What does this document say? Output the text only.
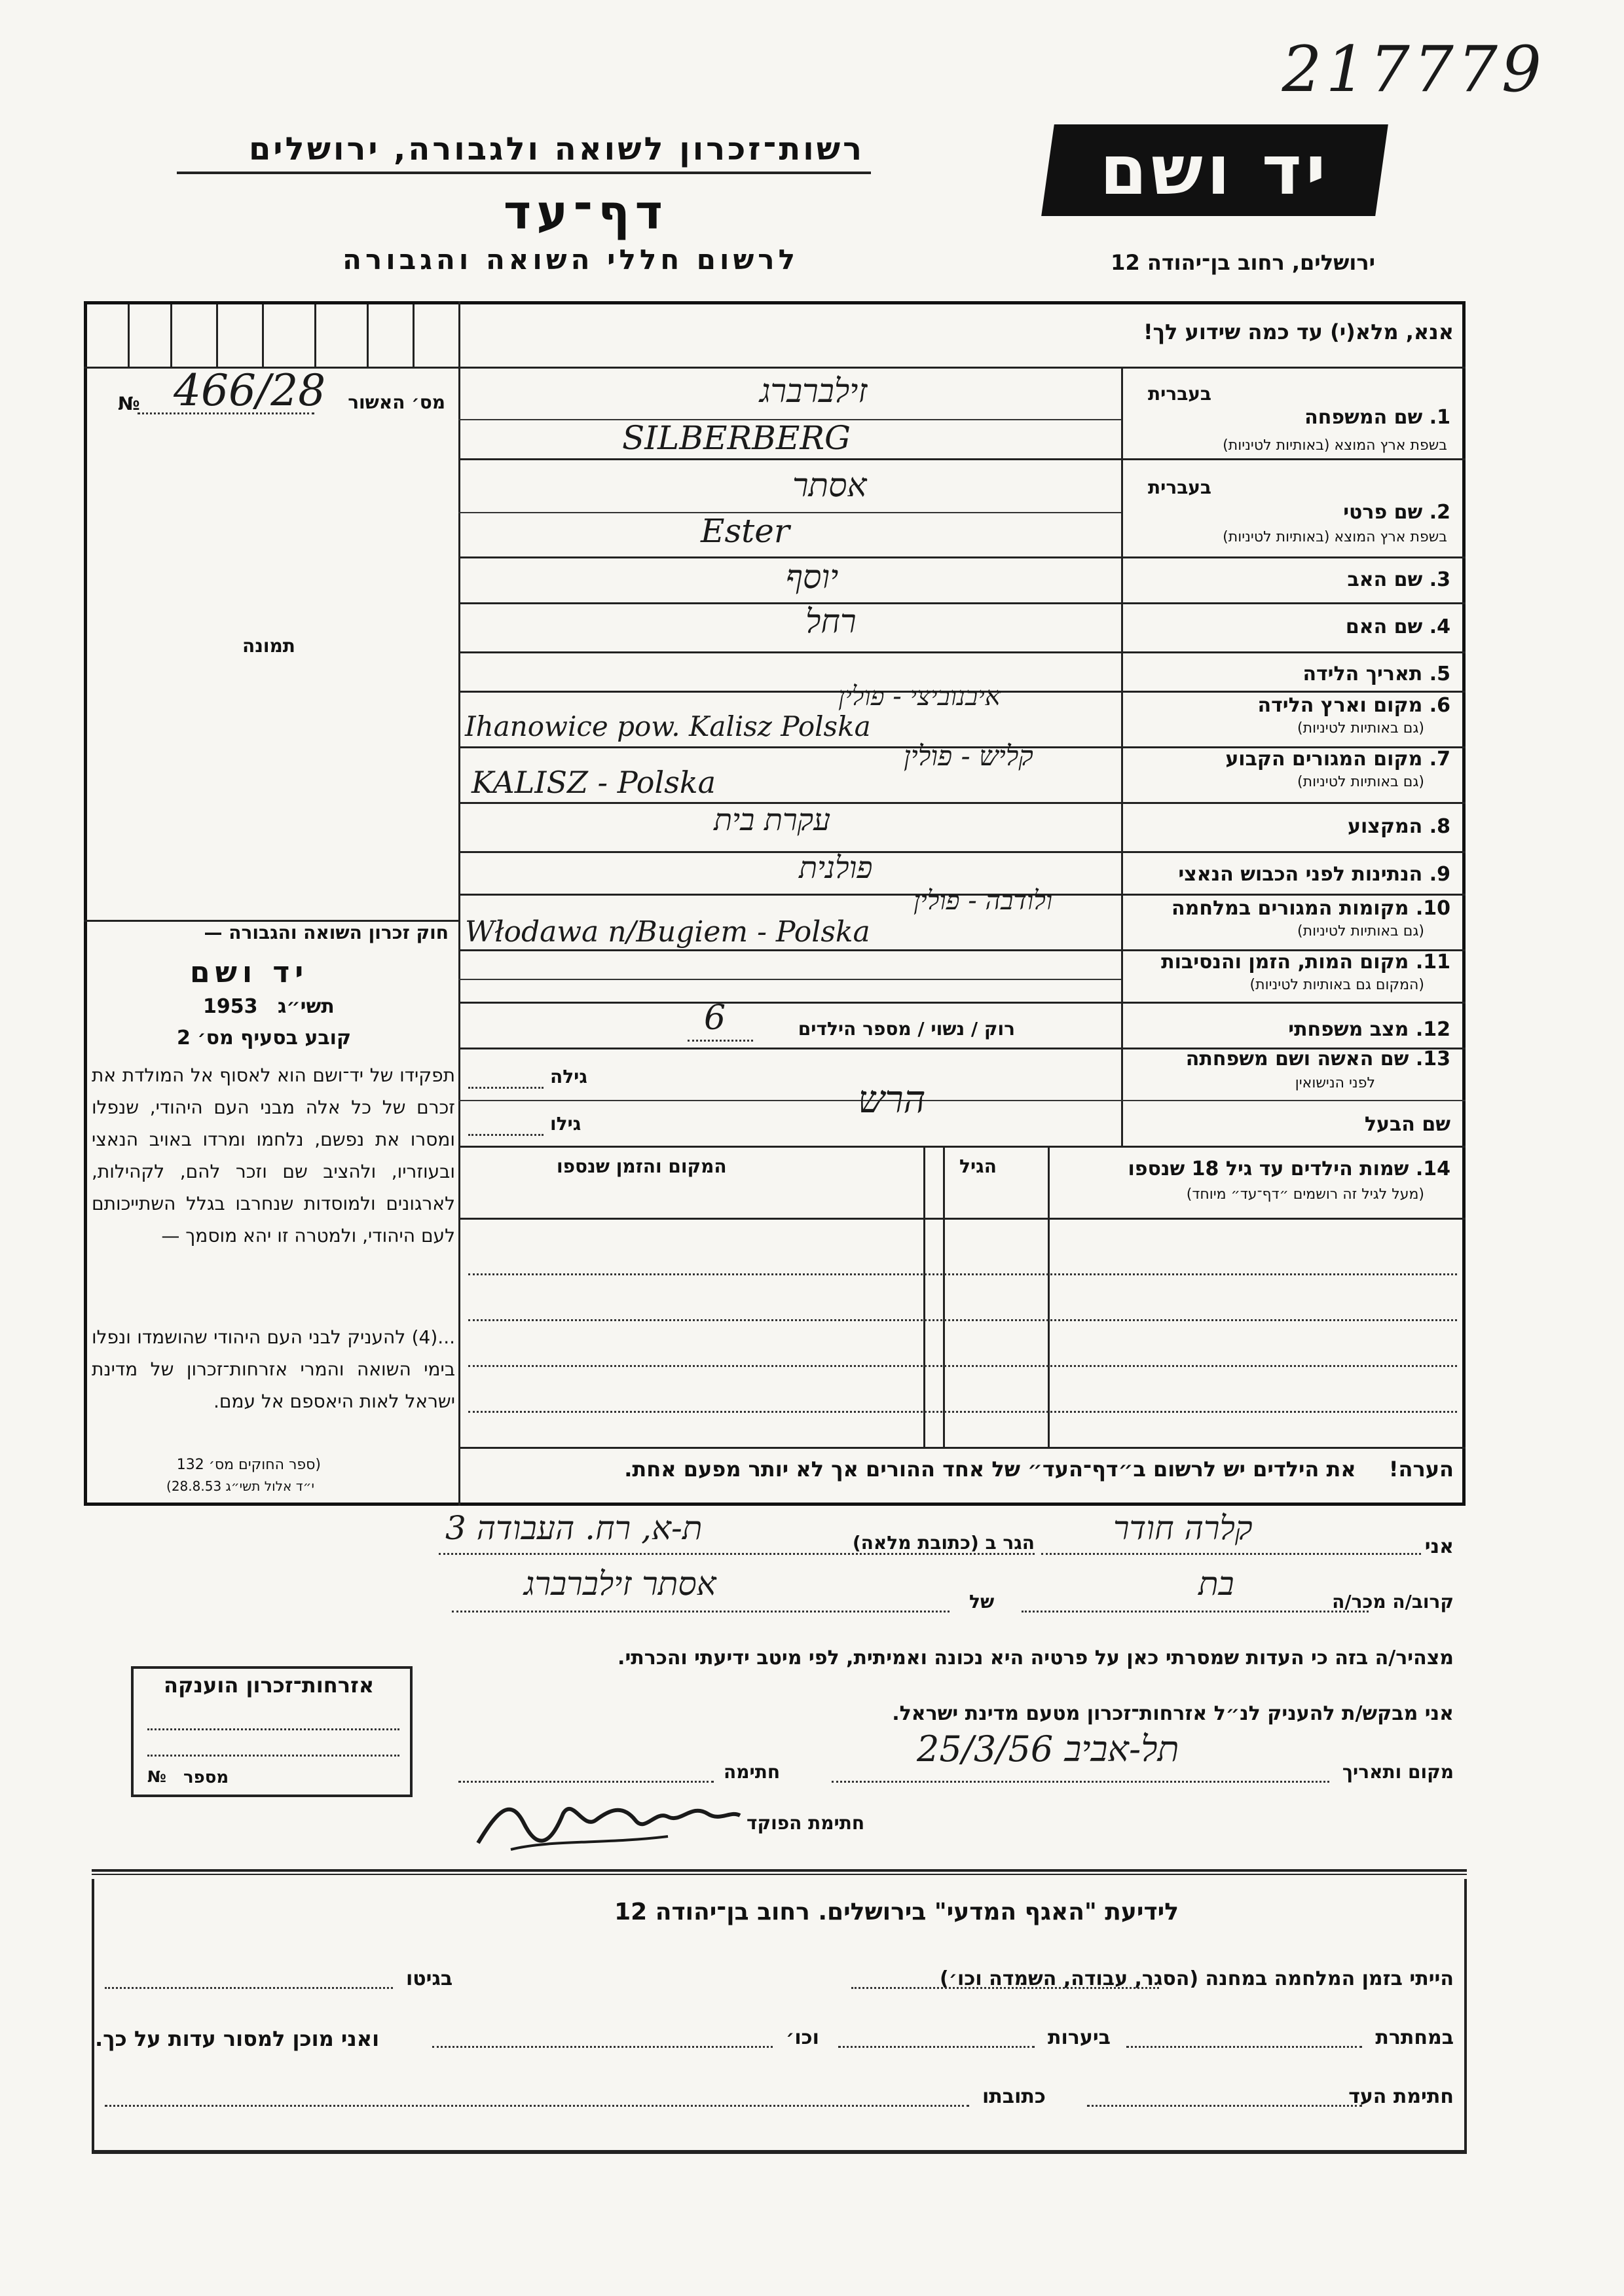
217779
רשות־זכרון לשואה ולגבורה, ירושלים
דף־עד
לרשום חללי השואה והגבורה
יד ושם
ירושלים, רחוב בן־יהודה 12
№ 466/28 מס׳ האשור
תמונה
חוק זכרון השואה והגבורה —
יד ושם
1953 תשי״ג
קובע בסעיף מס׳ 2
תפקידו של יד־ושם הוא לאסוף אל המולדת את זכרם של כל אלה מבני העם היהודי, שנפלו ומסרו את נפשם, נלחמו ומרדו באויב הנאצי ובעוזריו, ולהציב שם וזכר להם, לקהילות, לארגונים ולמוסדות שנחרבו בגלל השתייכותם לעם היהודי, ולמטרה זו יהא מוסמך —
...(4) להעניק לבני העם היהודי שהושמדו ונפלו בימי השואה והמרי אזרחות־זכרון של מדינת ישראל לאות היאספם אל עמם.
(ספר החוקים מס׳ 132
י״ד אלול תשי״ג 28.8.53)
אנא, מלא(י) עד כמה שידוע לך!
בעברית
1. שם המשפחה
בשפת ארץ המוצא (באותיות לטיניות)
זילברברג
SILBERBERG
בעברית
2. שם פרטי
בשפת ארץ המוצא (באותיות לטיניות)
אסתר
Ester
3. שם האב
יוסף
4. שם האם
רחל
5. תאריך הלידה
6. מקום וארץ הלידה
(גם באותיות לטיניות)
איבנוביצי - פולין
Ihanowice pow. Kalisz Polska
7. מקום המגורים הקבוע
(גם באותיות לטיניות)
קליש - פולין
KALISZ - Polska
8. המקצוע
עקרת בית
9. הנתינות לפני הכבוש הנאצי
פולנית
10. מקומות המגורים במלחמה
(גם באותיות לטיניות)
ולודבה - פולין
Włodawa n/Bugiem - Polska
11. מקום המות, הזמן והנסיבות
(המקום גם באותיות לטיניות)
12. מצב משפחתי
רוק / נשוי / מספר הילדים
6
13. שם האשה ושם משפחתה
לפני הנישואין
גילה
שם הבעל
גילו
הרש
14. שמות הילדים עד גיל 18 שנספו
(מעל לגיל זה רושמים ״דף־עד״ מיוחד)
הגיל
המקום והזמן שנספו
הערה! את הילדים יש לרשום ב״דף־העד״ של אחד ההורים אך לא יותר מפעם אחת.
אני
קלרה חודר
הגר ב (כתובת מלאה)
ת-א, רח. העבודה 3
קרוב/ה מכר/ה
בת
של
אסתר זילברברג
מצהיר/ה בזה כי העדות שמסרתי כאן על פרטיה היא נכונה ואמיתית, לפי מיטב ידיעתי והכרתי.
אני מבקש/ת להעניק לנ״ל אזרחות־זכרון מטעם מדינת ישראל.
מקום ותאריך
תל-אביב 25/3/56
חתימה
חתימת הפוקד
אזרחות־זכרון הוענקה
№ מספר
לידיעת "האגף המדעי" בירושלים. רחוב בן־יהודה 12
הייתי בזמן המלחמה במחנה (הסגר, עבודה, השמדה וכו׳)
בגיטו
במחתרת
ביערות
וכו׳
ואני מוכן למסור עדות על כך.
חתימת העד
כתובתו
